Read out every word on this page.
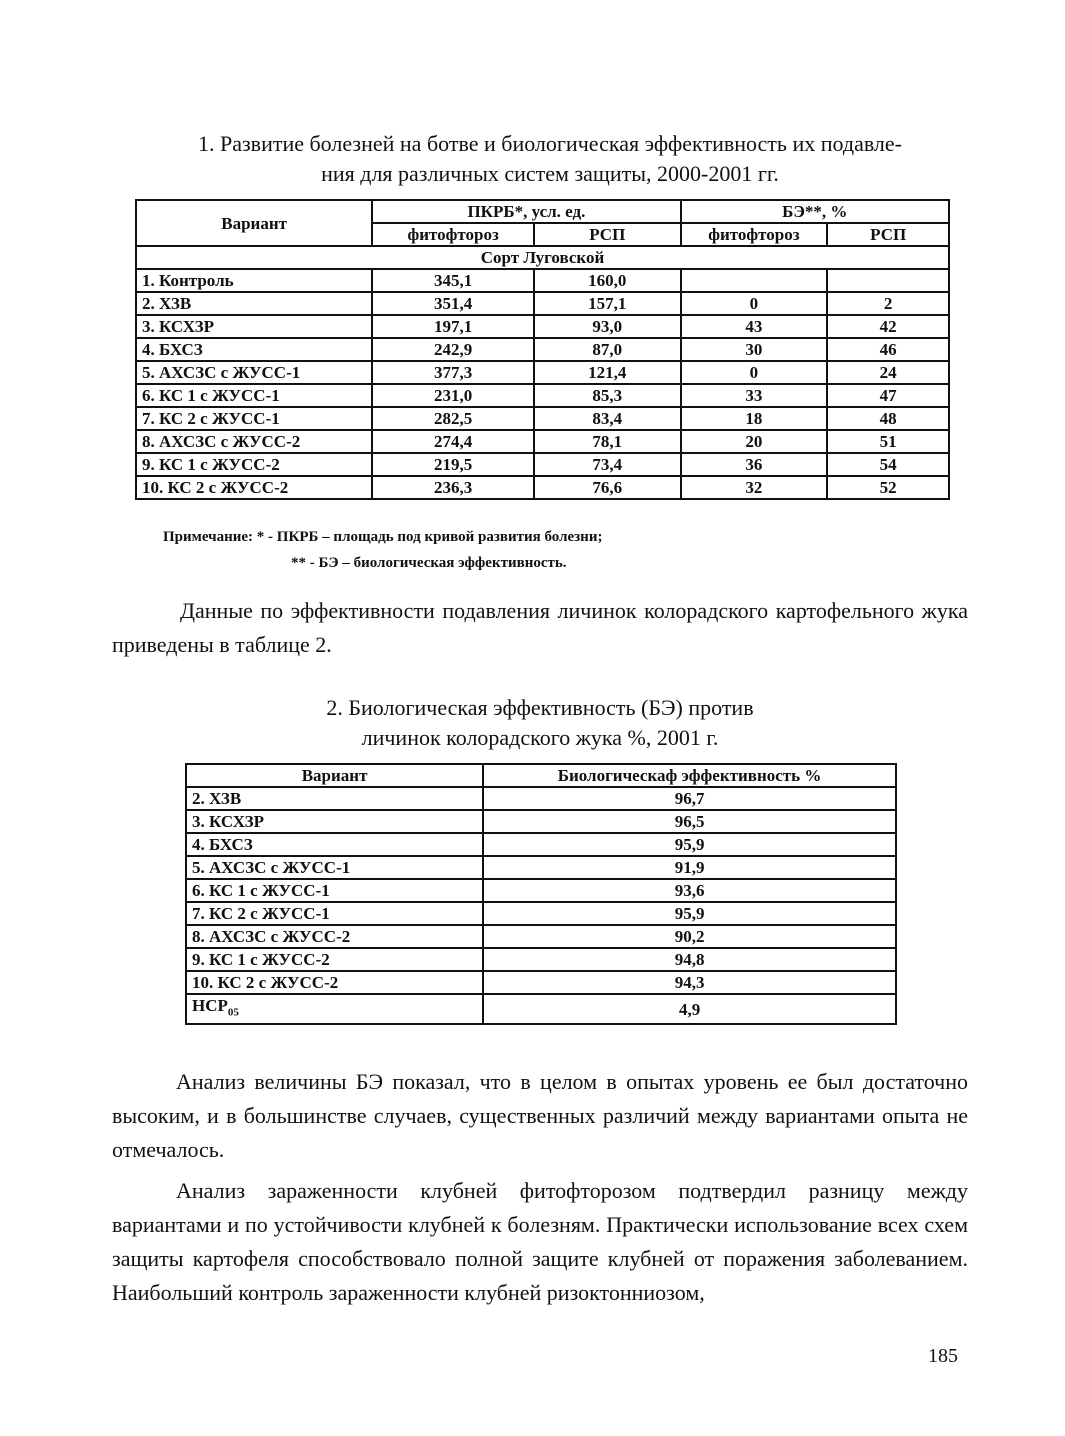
1. Развитие болезней на ботве и биологическая эффективность их подавле-
ния для различных систем защиты, 2000-2001 гг.
Вариант	ПКРБ*, усл. ед.		БЭ**, %	
	фитофтороз	РСП	фитофтороз	РСП
Сорт Луговской				
1. Контроль	345,1	160,0		
2. ХЗВ	351,4	157,1	0	2
3. КСХЗР	197,1	93,0	43	42
4. БХСЗ	242,9	87,0	30	46
5. АХСЗС с ЖУСС-1	377,3	121,4	0	24
6. КС 1 с ЖУСС-1	231,0	85,3	33	47
7. КС 2 с ЖУСС-1	282,5	83,4	18	48
8. АХСЗС с ЖУСС-2	274,4	78,1	20	51
9. КС 1 с ЖУСС-2	219,5	73,4	36	54
10. КС 2 с ЖУСС-2	236,3	76,6	32	52
Примечание: * - ПКРБ – площадь под кривой развития болезни;
** - БЭ – биологическая эффективность.
Данные по эффективности подавления личинок колорадского картофельного жука приведены в таблице 2.
2. Биологическая эффективность (БЭ) против
личинок колорадского жука %, 2001 г.
Вариант	Биологическаф эффективность %
2. ХЗВ	96,7
3. КСХЗР	96,5
4. БХСЗ	95,9
5. АХСЗС с ЖУСС-1	91,9
6. КС 1 с ЖУСС-1	93,6
7. КС 2 с ЖУСС-1	95,9
8. АХСЗС с ЖУСС-2	90,2
9. КС 1 с ЖУСС-2	94,8
10. КС 2 с ЖУСС-2	94,3
$НСР_{05}$	4,9
Анализ величины БЭ показал, что в целом в опытах уровень ее был достаточно высоким, и в большинстве случаев, существенных различий между вариантами опыта не отмечалось.
Анализ зараженности клубней фитофторозом подтвердил разницу между вариантами и по устойчивости клубней к болезням. Практически использование всех схем защиты картофеля способствовало полной защите клубней от поражения заболеванием. Наибольший контроль зараженности клубней ризоктонниозом,
185
